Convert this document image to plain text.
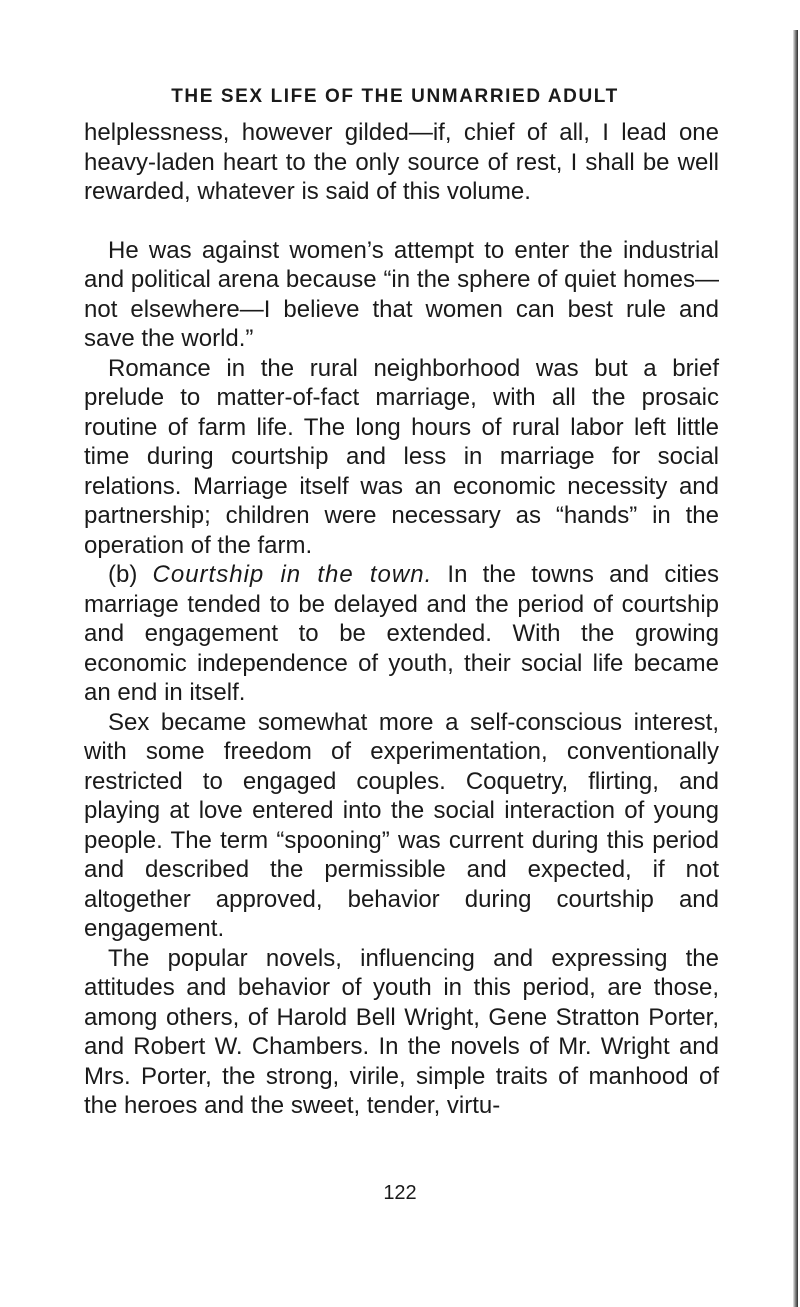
THE SEX LIFE OF THE UNMARRIED ADULT

helplessness, however gilded—if, chief of all, I lead one heavy-laden heart to the only source of rest, I shall be well rewarded, whatever is said of this volume.

He was against women’s attempt to enter the industrial and political arena because “in the sphere of quiet homes—not elsewhere—I believe that women can best rule and save the world.”

Romance in the rural neighborhood was but a brief prelude to matter-of-fact marriage, with all the prosaic routine of farm life. The long hours of rural labor left little time during courtship and less in marriage for social relations. Marriage itself was an economic necessity and partnership; children were necessary as “hands” in the operation of the farm.

(b) Courtship in the town. In the towns and cities marriage tended to be delayed and the period of courtship and engagement to be extended. With the growing economic independence of youth, their social life became an end in itself.

Sex became somewhat more a self-conscious interest, with some freedom of experimentation, conventionally restricted to engaged couples. Coquetry, flirting, and playing at love entered into the social interaction of young people. The term “spooning” was current during this period and described the permissible and expected, if not altogether approved, behavior during courtship and engagement.

The popular novels, influencing and expressing the attitudes and behavior of youth in this period, are those, among others, of Harold Bell Wright, Gene Stratton Porter, and Robert W. Chambers. In the novels of Mr. Wright and Mrs. Porter, the strong, virile, simple traits of manhood of the heroes and the sweet, tender, virtu-

122
